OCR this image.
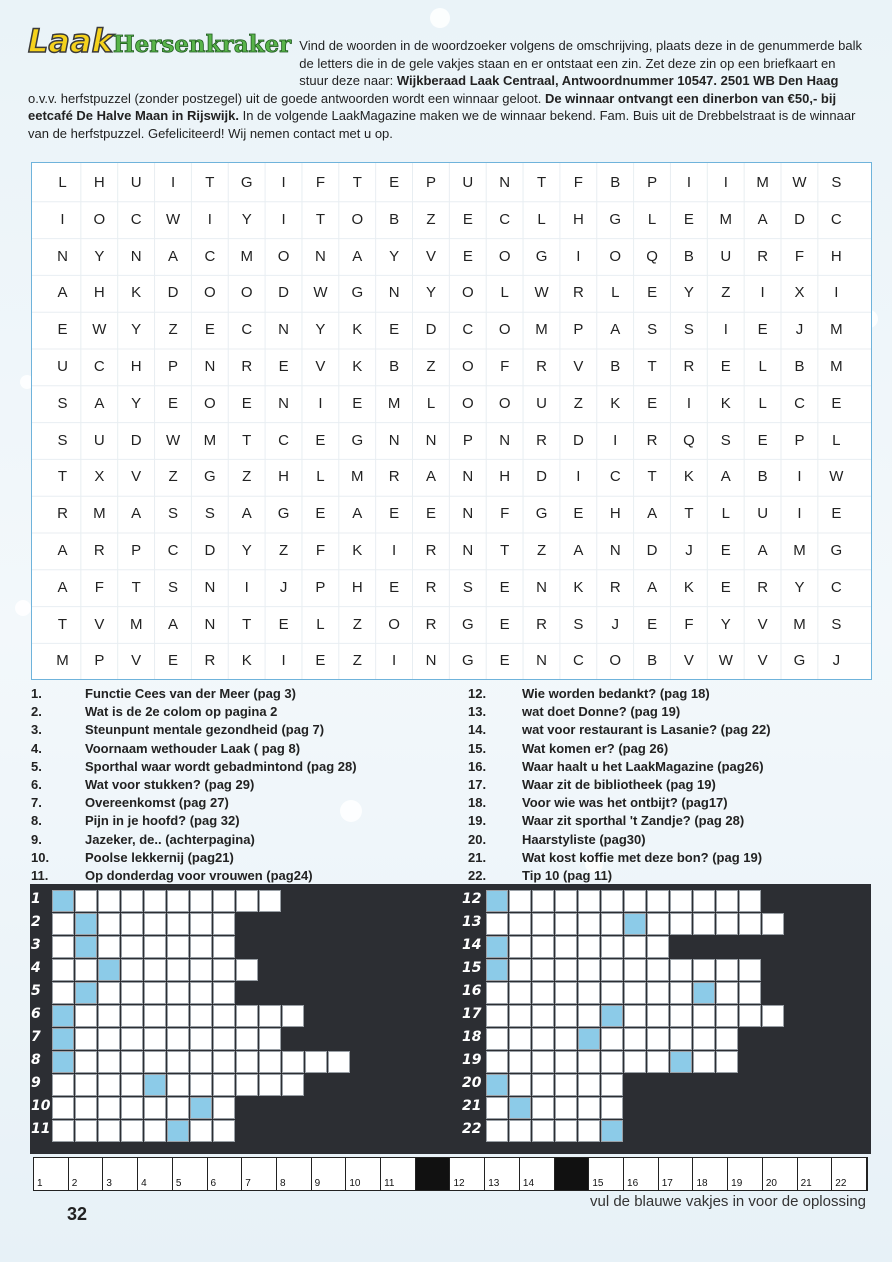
LaakHersenkraker Vind de woorden in de woordzoeker volgens de omschrijving, plaats deze in de genummerde balk de letters die in de gele vakjes staan en er ontstaat een zin. Zet deze zin op een briefkaart en stuur deze naar: Wijkberaad Laak Centraal, Antwoordnummer 10547. 2501 WB Den Haag o.v.v. herfstpuzzel (zonder postzegel) uit de goede antwoorden wordt een winnaar geloot. De winnaar ontvangt een dinerbon van €50,- bij eetcafé De Halve Maan in Rijswijk. In de volgende LaakMagazine maken we de winnaar bekend. Fam. Buis uit de Drebbelstraat is de winnaar van de herfstpuzzel. Gefeliciteerd! Wij nemen contact met u op.
L	H	U	I	T	G	I	F	T	E	P	U	N	T	F	B	P	I	I	M	W	S
I	O	C	W	I	Y	I	T	O	B	Z	E	C	L	H	G	L	E	M	A	D	C
N	Y	N	A	C	M	O	N	A	Y	V	E	O	G	I	O	Q	B	U	R	F	H
A	H	K	D	O	O	D	W	G	N	Y	O	L	W	R	L	E	Y	Z	I	X	I
E	W	Y	Z	E	C	N	Y	K	E	D	C	O	M	P	A	S	S	I	E	J	M
U	C	H	P	N	R	E	V	K	B	Z	O	F	R	V	B	T	R	E	L	B	M
S	A	Y	E	O	E	N	I	E	M	L	O	O	U	Z	K	E	I	K	L	C	E
S	U	D	W	M	T	C	E	G	N	N	P	N	R	D	I	R	Q	S	E	P	L
T	X	V	Z	G	Z	H	L	M	R	A	N	H	D	I	C	T	K	A	B	I	W
R	M	A	S	S	A	G	E	A	E	E	N	F	G	E	H	A	T	L	U	I	E
A	R	P	C	D	Y	Z	F	K	I	R	N	T	Z	A	N	D	J	E	A	M	G
A	F	T	S	N	I	J	P	H	E	R	S	E	N	K	R	A	K	E	R	Y	C
T	V	M	A	N	T	E	L	Z	O	R	G	E	R	S	J	E	F	Y	V	M	S
M	P	V	E	R	K	I	E	Z	I	N	G	E	N	C	O	B	V	W	V	G	J
1.	Functie Cees van der Meer (pag 3)
2.	Wat is de 2e colom op pagina 2
3.	Steunpunt mentale gezondheid (pag 7)
4.	Voornaam wethouder Laak ( pag 8)
5.	Sporthal waar wordt gebadmintond (pag 28)
6.	Wat voor stukken? (pag 29)
7.	Overeenkomst (pag 27)
8.	Pijn in je hoofd? (pag 32)
9.	Jazeker, de.. (achterpagina)
10.	Poolse lekkernij (pag21)
11.	Op donderdag voor vrouwen (pag24)
12.	Wie worden bedankt? (pag 18)
13.	wat doet Donne? (pag 19)
14.	wat voor restaurant is Lasanie? (pag 22)
15.	Wat komen er? (pag 26)
16.	Waar haalt u het LaakMagazine (pag26)
17.	Waar zit de bibliotheek (pag 19)
18.	Voor wie was het ontbijt? (pag17)
19.	Waar zit sporthal 't Zandje? (pag 28)
20.	Haarstyliste (pag30)
21.	Wat kost koffie met deze bon? (pag 19)
22.	Tip 10 (pag 11)
1
2
3
4
5
6
7
8
9
10
11
12
13
14
15
16
17
18
19
20
21
22
1	2	3	4	5	6	7	8	9	10 11	12 13 14	15 16 17 18 19 20 21 22
32
vul de blauwe vakjes in voor de oplossing
